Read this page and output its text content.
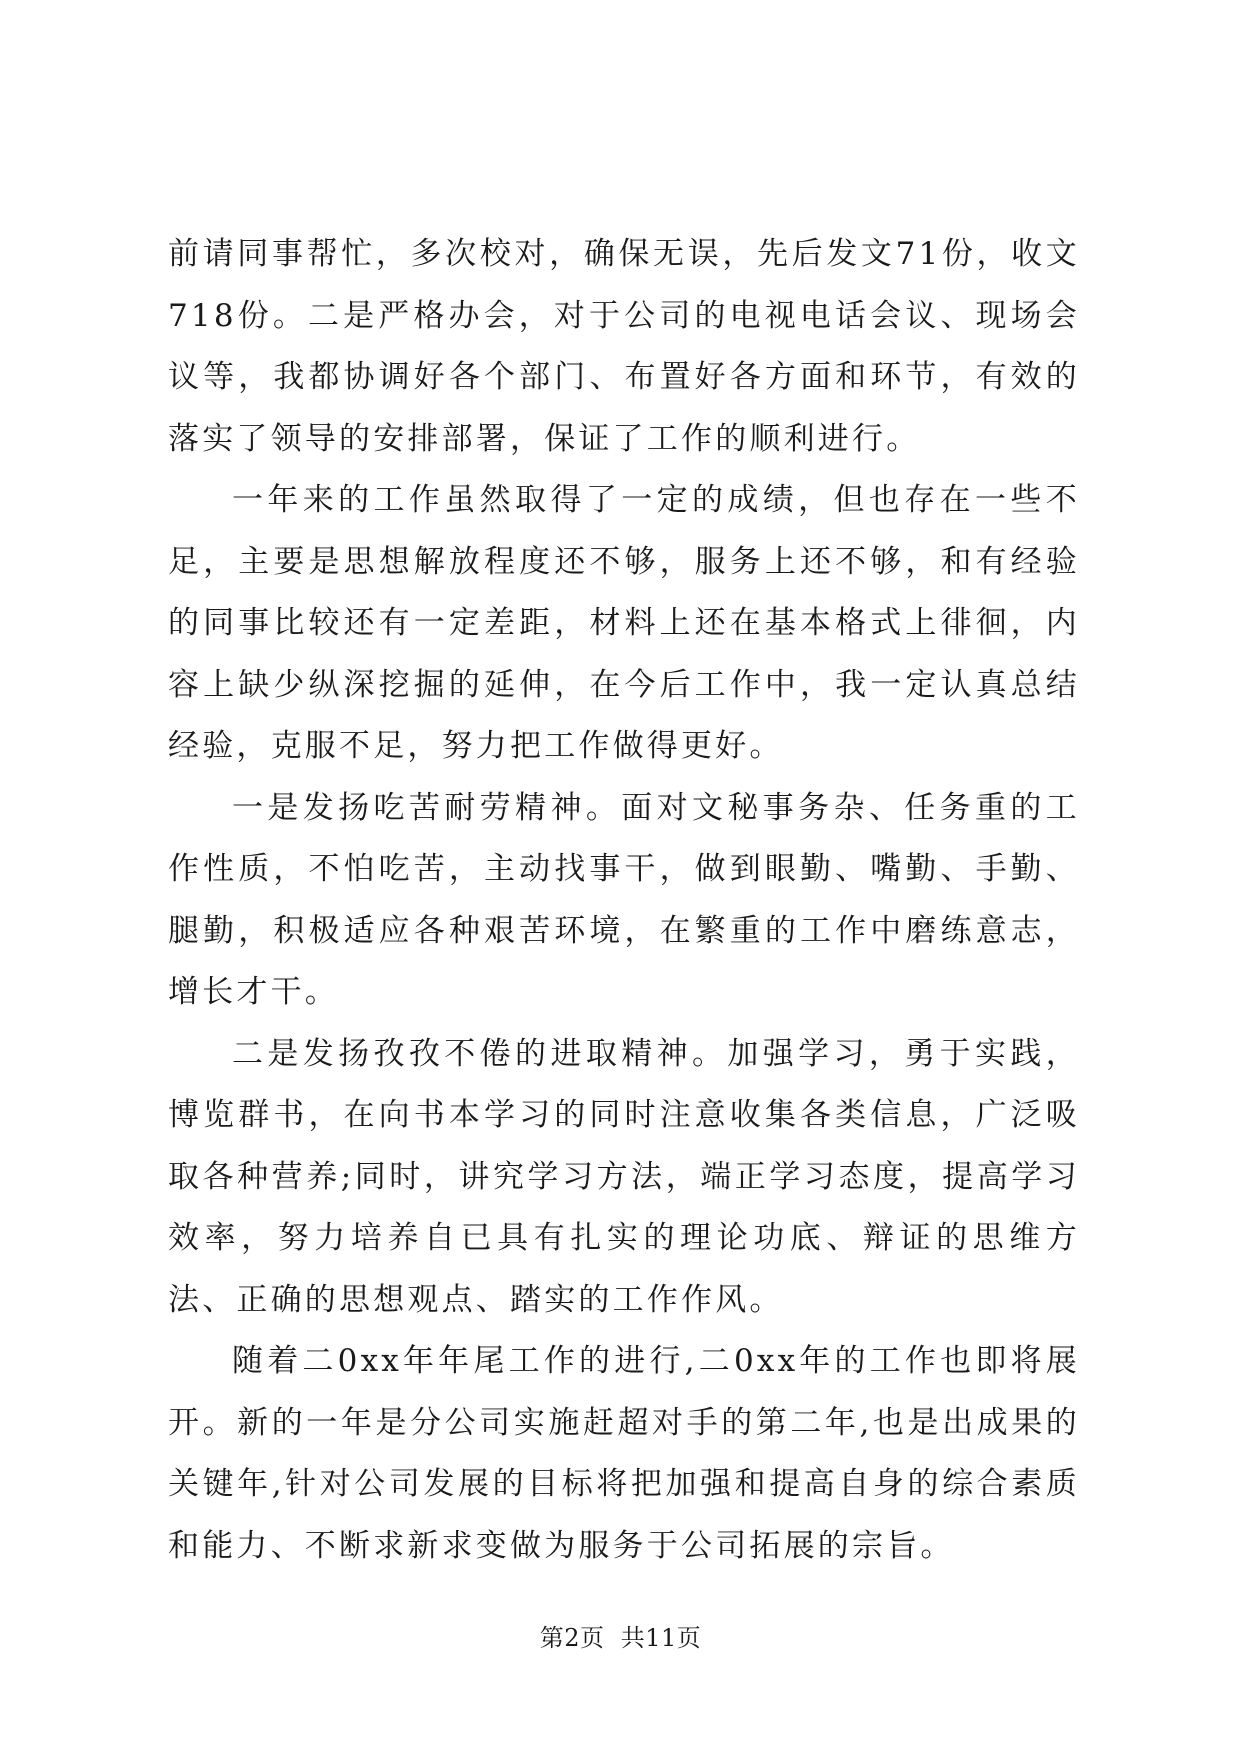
前请同事帮忙，多次校对，确保无误，先后发文71份，收文718份。二是严格办会，对于公司的电视电话会议、现场会议等，我都协调好各个部门、布置好各方面和环节，有效的落实了领导的安排部署，保证了工作的顺利进行。

一年来的工作虽然取得了一定的成绩，但也存在一些不足，主要是思想解放程度还不够，服务上还不够，和有经验的同事比较还有一定差距，材料上还在基本格式上徘徊，内容上缺少纵深挖掘的延伸，在今后工作中，我一定认真总结经验，克服不足，努力把工作做得更好。

一是发扬吃苦耐劳精神。面对文秘事务杂、任务重的工作性质，不怕吃苦，主动找事干，做到眼勤、嘴勤、手勤、腿勤，积极适应各种艰苦环境，在繁重的工作中磨练意志，增长才干。

二是发扬孜孜不倦的进取精神。加强学习，勇于实践，博览群书，在向书本学习的同时注意收集各类信息，广泛吸取各种营养;同时，讲究学习方法，端正学习态度，提高学习效率，努力培养自已具有扎实的理论功底、辩证的思维方法、正确的思想观点、踏实的工作作风。

随着二0xx年年尾工作的进行,二0xx年的工作也即将展开。新的一年是分公司实施赶超对手的第二年,也是出成果的关键年,针对公司发展的目标将把加强和提高自身的综合素质和能力、不断求新求变做为服务于公司拓展的宗旨。

第2页  共11页
